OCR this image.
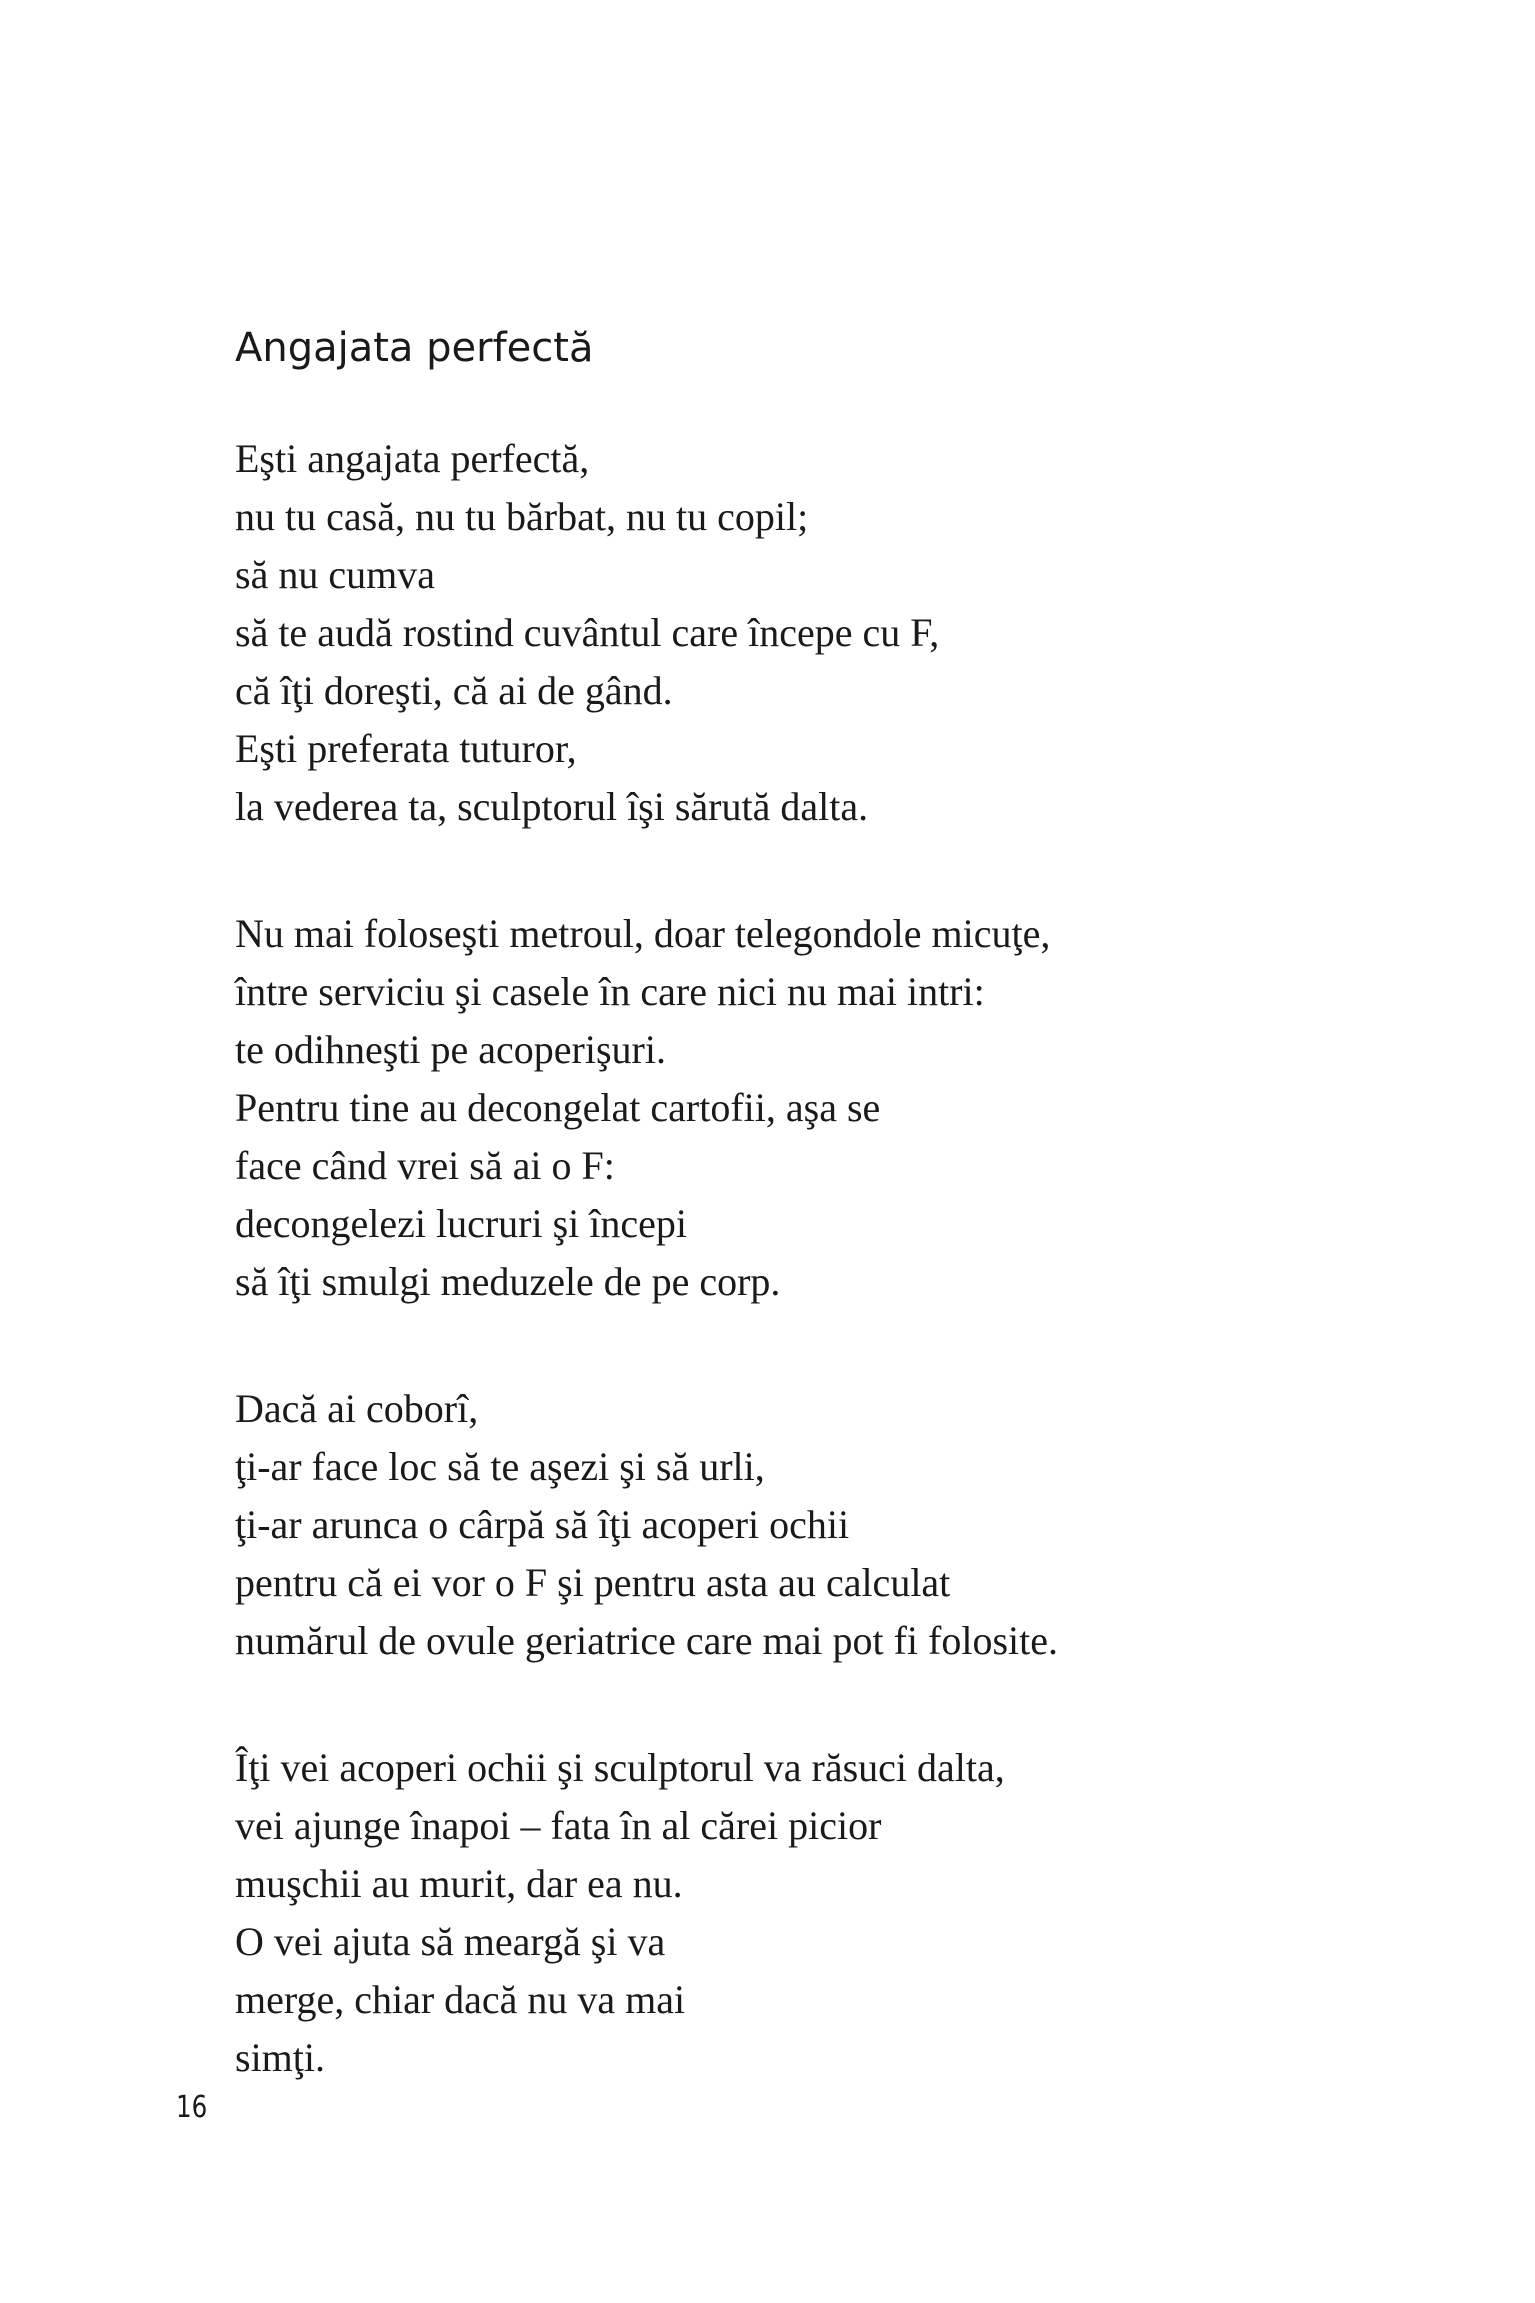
Angajata perfectă

Eşti angajata perfectă,
nu tu casă, nu tu bărbat, nu tu copil;
să nu cumva
să te audă rostind cuvântul care începe cu F,
că îţi doreşti, că ai de gând.
Eşti preferata tuturor,
la vederea ta, sculptorul îşi sărută dalta.

Nu mai foloseşti metroul, doar telegondole micuţe,
între serviciu şi casele în care nici nu mai intri:
te odihneşti pe acoperişuri.
Pentru tine au decongelat cartofii, aşa se
face când vrei să ai o F:
decongelezi lucruri şi începi
să îţi smulgi meduzele de pe corp.

Dacă ai coborî,
ţi-ar face loc să te aşezi şi să urli,
ţi-ar arunca o cârpă să îţi acoperi ochii
pentru că ei vor o F şi pentru asta au calculat
numărul de ovule geriatrice care mai pot fi folosite.

Îţi vei acoperi ochii şi sculptorul va răsuci dalta,
vei ajunge înapoi – fata în al cărei picior
muşchii au murit, dar ea nu.
O vei ajuta să meargă şi va
merge, chiar dacă nu va mai
simţi.

16
